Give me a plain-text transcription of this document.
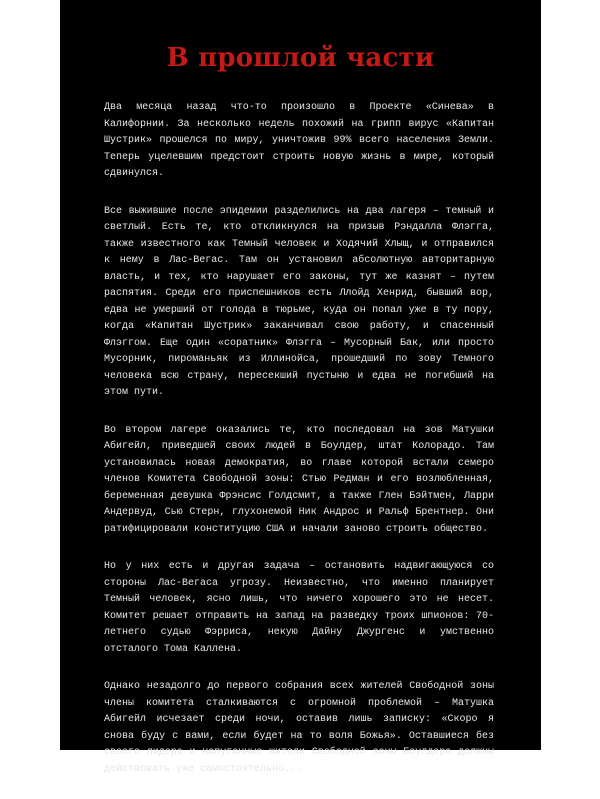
В прошлой части

Два месяца назад что-то произошло в Проекте «Синева» в Калифорнии. За несколько недель похожий на грипп вирус «Капитан Шустрик» прошелся по миру, уничтожив 99% всего населения Земли. Теперь уцелевшим предстоит строить новую жизнь в мире, который сдвинулся.

Все выжившие после эпидемии разделились на два лагеря – темный и светлый. Есть те, кто откликнулся на призыв Рэндалла Флэгга, также известного как Темный человек и Ходячий Хлыщ, и отправился к нему в Лас-Вегас. Там он установил абсолютную авторитарную власть, и тех, кто нарушает его законы, тут же казнят – путем распятия. Среди его приспешников есть Ллойд Хенрид, бывший вор, едва не умерший от голода в тюрьме, куда он попал уже в ту пору, когда «Капитан Шустрик» заканчивал свою работу, и спасенный Флэггом. Еще один «соратник» Флэгга – Мусорный Бак, или просто Мусорник, пироманьяк из Иллинойса, прошедший по зову Темного человека всю страну, пересекший пустыню и едва не погибший на этом пути.

Во втором лагере оказались те, кто последовал на зов Матушки Абигейл, приведшей своих людей в Боулдер, штат Колорадо. Там установилась новая демократия, во главе которой встали семеро членов Комитета Свободной зоны: Стью Редман и его возлюбленная, беременная девушка Фрэнсис Голдсмит, а также Глен Бэйтмен, Ларри Андервуд, Сью Стерн, глухонемой Ник Андрос и Ральф Брентнер. Они ратифицировали конституцию США и начали заново строить общество.

Но у них есть и другая задача – остановить надвигающуюся со стороны Лас-Вегаса угрозу. Неизвестно, что именно планирует Темный человек, ясно лишь, что ничего хорошего это не несет. Комитет решает отправить на запад на разведку троих шпионов: 70-летнего судью Фэрриса, некую Дайну Джургенс и умственно отсталого Тома Каллена.

Однако незадолго до первого собрания всех жителей Свободной зоны члены комитета сталкиваются с огромной проблемой – Матушка Абигейл исчезает среди ночи, оставив лишь записку: «Скоро я снова буду с вами, если будет на то воля Божья». Оставшиеся без своего лидера и напуганные жители Свободной зоны Боулдера должны действовать уже самостоятельно...
